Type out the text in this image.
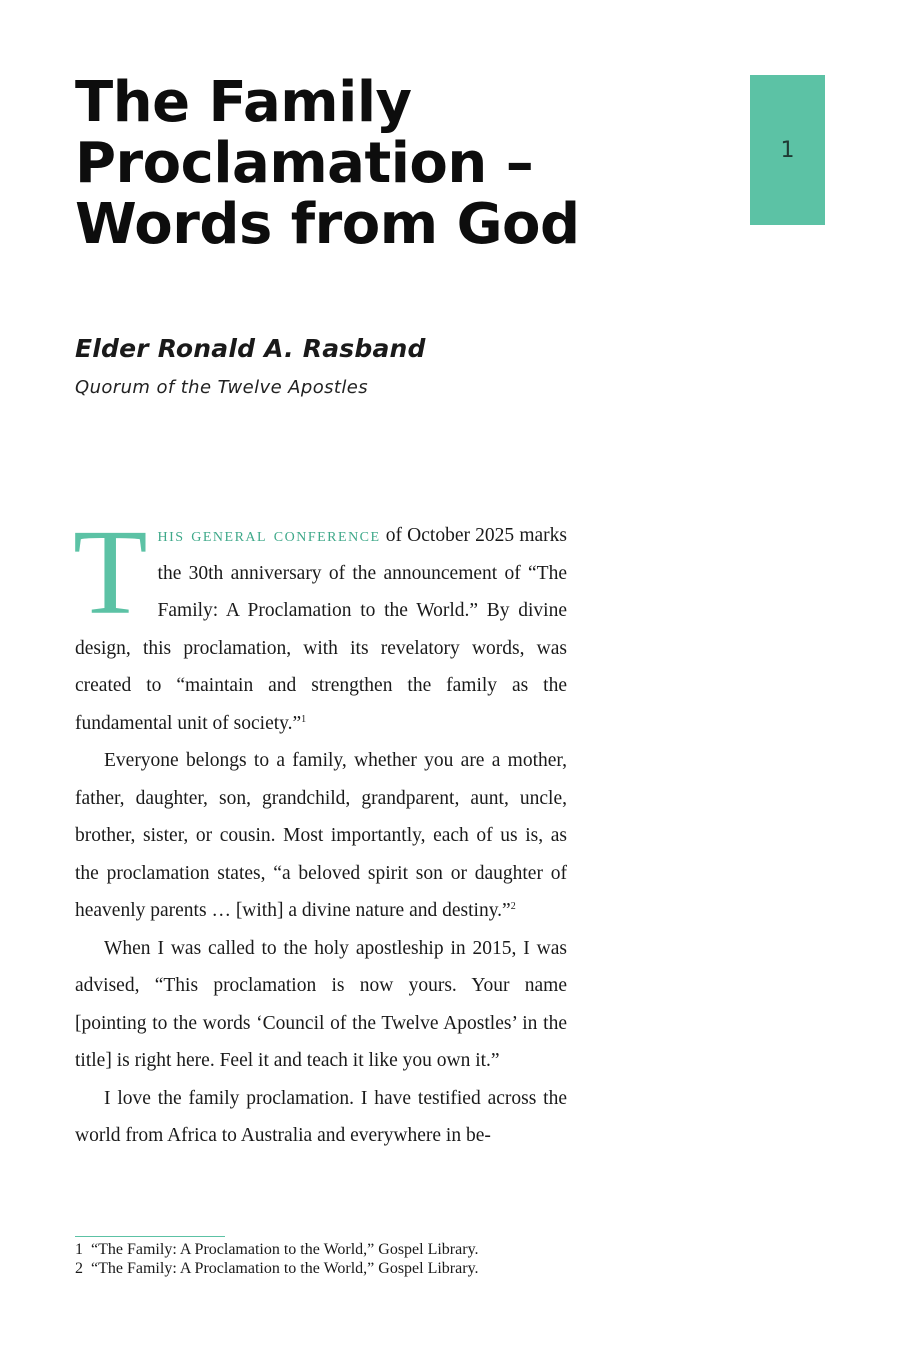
The Family
Proclamation –
Words from God
1
Elder Ronald A. Rasband
Quorum of the Twelve Apostles

This general conference of October 2025 marks the 30th anniversary of the announcement of “The Family: A Proclamation to the World.” By divine design, this proclamation, with its revelatory words, was created to “maintain and strengthen the family as the fundamental unit of society.”$^1$

Everyone belongs to a family, whether you are a mother, father, daughter, son, grandchild, grandparent, aunt, uncle, brother, sister, or cousin. Most importantly, each of us is, as the proclamation states, “a beloved spirit son or daughter of heavenly parents … [with] a divine nature and destiny.”$^2$

When I was called to the holy apostleship in 2015, I was advised, “This proclamation is now yours. Your name [pointing to the words ‘Council of the Twelve Apostles’ in the title] is right here. Feel it and teach it like you own it.”

I love the family proclamation. I have testified across the world from Africa to Australia and everywhere in be-

1 “The Family: A Proclamation to the World,” Gospel Library.
2 “The Family: A Proclamation to the World,” Gospel Library.
